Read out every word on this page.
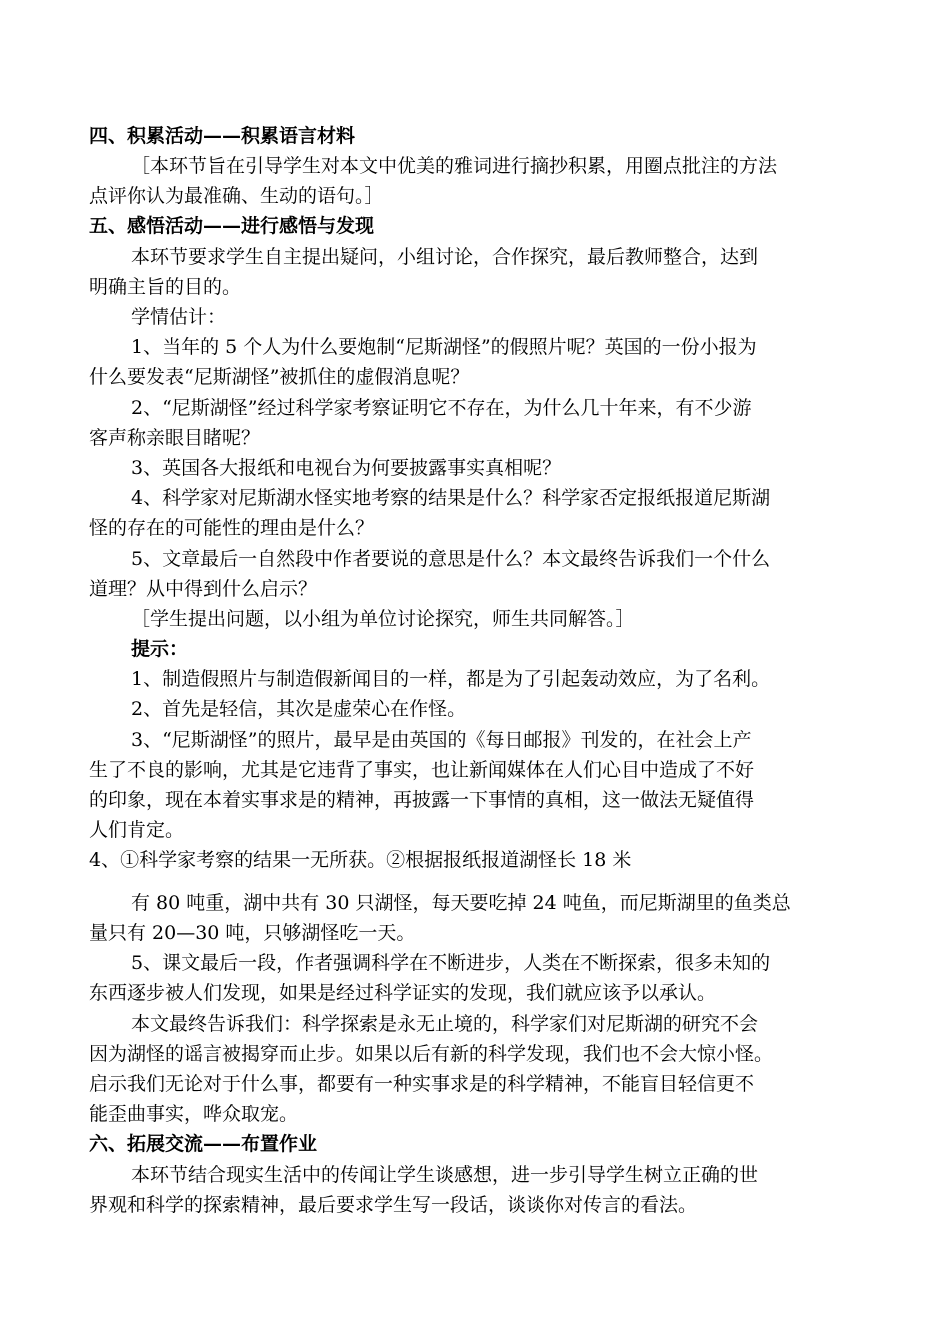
四、积累活动——积累语言材料
［本环节旨在引导学生对本文中优美的雅词进行摘抄积累，用圈点批注的方法
点评你认为最准确、生动的语句。］
五、感悟活动——进行感悟与发现
本环节要求学生自主提出疑问，小组讨论，合作探究，最后教师整合，达到
明确主旨的目的。
学情估计：
1、当年的 5 个人为什么要炮制“尼斯湖怪”的假照片呢？英国的一份小报为
什么要发表“尼斯湖怪”被抓住的虚假消息呢？
2、“尼斯湖怪”经过科学家考察证明它不存在，为什么几十年来，有不少游
客声称亲眼目睹呢？
3、英国各大报纸和电视台为何要披露事实真相呢？
4、科学家对尼斯湖水怪实地考察的结果是什么？科学家否定报纸报道尼斯湖
怪的存在的可能性的理由是什么？
5、文章最后一自然段中作者要说的意思是什么？本文最终告诉我们一个什么
道理？从中得到什么启示？
［学生提出问题，以小组为单位讨论探究，师生共同解答。］
提示：
1、制造假照片与制造假新闻目的一样，都是为了引起轰动效应，为了名利。
2、首先是轻信，其次是虚荣心在作怪。
3、“尼斯湖怪”的照片，最早是由英国的《每日邮报》刊发的，在社会上产
生了不良的影响，尤其是它违背了事实，也让新闻媒体在人们心目中造成了不好
的印象，现在本着实事求是的精神，再披露一下事情的真相，这一做法无疑值得
人们肯定。
4、①科学家考察的结果一无所获。②根据报纸报道湖怪长 18 米
有 80 吨重，湖中共有 30 只湖怪，每天要吃掉 24 吨鱼，而尼斯湖里的鱼类总
量只有 20—30 吨，只够湖怪吃一天。
5、课文最后一段，作者强调科学在不断进步，人类在不断探索，很多未知的
东西逐步被人们发现，如果是经过科学证实的发现，我们就应该予以承认。
本文最终告诉我们：科学探索是永无止境的，科学家们对尼斯湖的研究不会
因为湖怪的谣言被揭穿而止步。如果以后有新的科学发现，我们也不会大惊小怪。
启示我们无论对于什么事，都要有一种实事求是的科学精神，不能盲目轻信更不
能歪曲事实，哗众取宠。
六、拓展交流——布置作业
本环节结合现实生活中的传闻让学生谈感想，进一步引导学生树立正确的世
界观和科学的探索精神，最后要求学生写一段话，谈谈你对传言的看法。
